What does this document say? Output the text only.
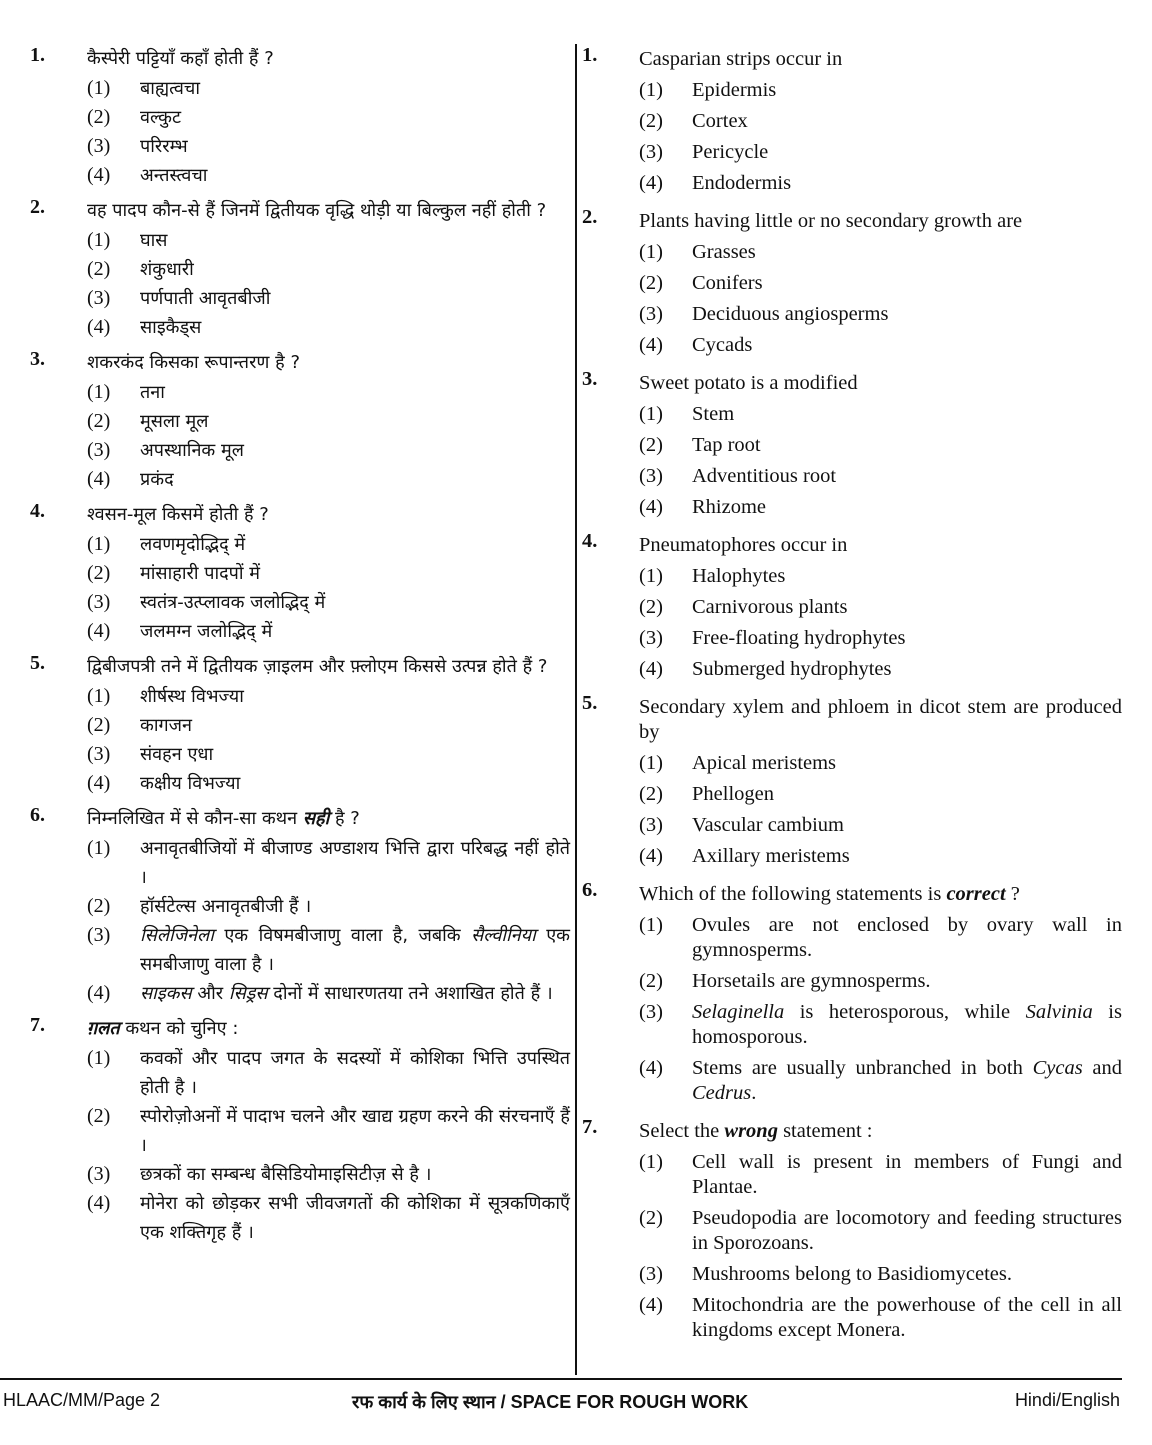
1.	कैस्पेरी पट्टियाँ कहाँ होती हैं ?
(1)	बाह्यत्वचा
(2)	वल्कुट
(3)	परिरम्भ
(4)	अन्तस्त्वचा
2.	वह पादप कौन-से हैं जिनमें द्वितीयक वृद्धि थोड़ी या बिल्कुल नहीं होती ?
(1)	घास
(2)	शंकुधारी
(3)	पर्णपाती आवृतबीजी
(4)	साइकैड्स
3.	शकरकंद किसका रूपान्तरण है ?
(1)	तना
(2)	मूसला मूल
(3)	अपस्थानिक मूल
(4)	प्रकंद
4.	श्वसन-मूल किसमें होती हैं ?
(1)	लवणमृदोद्भिद् में
(2)	मांसाहारी पादपों में
(3)	स्वतंत्र-उत्प्लावक जलोद्भिद् में
(4)	जलमग्न जलोद्भिद् में
5.	द्विबीजपत्री तने में द्वितीयक ज़ाइलम और फ़्लोएम किससे उत्पन्न होते हैं ?
(1)	शीर्षस्थ विभज्या
(2)	कागजन
(3)	संवहन एधा
(4)	कक्षीय विभज्या
6.	निम्नलिखित में से कौन-सा कथन सही है ?
(1)	अनावृतबीजियों में बीजाण्ड अण्डाशय भित्ति द्वारा परिबद्ध नहीं होते ।
(2)	हॉर्सटेल्स अनावृतबीजी हैं ।
(3)	सिलेजिनेला एक विषमबीजाणु वाला है, जबकि सैल्वीनिया एक समबीजाणु वाला है ।
(4)	साइकस और सिड्रस दोनों में साधारणतया तने अशाखित होते हैं ।
7.	ग़लत कथन को चुनिए :
(1)	कवकों और पादप जगत के सदस्यों में कोशिका भित्ति उपस्थित होती है ।
(2)	स्पोरोज़ोअनों में पादाभ चलने और खाद्य ग्रहण करने की संरचनाएँ हैं ।
(3)	छत्रकों का सम्बन्ध बैसिडियोमाइसिटीज़ से है ।
(4)	मोनेरा को छोड़कर सभी जीवजगतों की कोशिका में सूत्रकणिकाएँ एक शक्तिगृह हैं ।
1.	Casparian strips occur in
(1)	Epidermis
(2)	Cortex
(3)	Pericycle
(4)	Endodermis
2.	Plants having little or no secondary growth are
(1)	Grasses
(2)	Conifers
(3)	Deciduous angiosperms
(4)	Cycads
3.	Sweet potato is a modified
(1)	Stem
(2)	Tap root
(3)	Adventitious root
(4)	Rhizome
4.	Pneumatophores occur in
(1)	Halophytes
(2)	Carnivorous plants
(3)	Free-floating hydrophytes
(4)	Submerged hydrophytes
5.	Secondary xylem and phloem in dicot stem are produced by
(1)	Apical meristems
(2)	Phellogen
(3)	Vascular cambium
(4)	Axillary meristems
6.	Which of the following statements is correct ?
(1)	Ovules are not enclosed by ovary wall in gymnosperms.
(2)	Horsetails are gymnosperms.
(3)	Selaginella is heterosporous, while Salvinia is homosporous.
(4)	Stems are usually unbranched in both Cycas and Cedrus.
7.	Select the wrong statement :
(1)	Cell wall is present in members of Fungi and Plantae.
(2)	Pseudopodia are locomotory and feeding structures in Sporozoans.
(3)	Mushrooms belong to Basidiomycetes.
(4)	Mitochondria are the powerhouse of the cell in all kingdoms except Monera.
HLAAC/MM/Page 2	रफ कार्य के लिए स्थान / SPACE FOR ROUGH WORK	Hindi/English
